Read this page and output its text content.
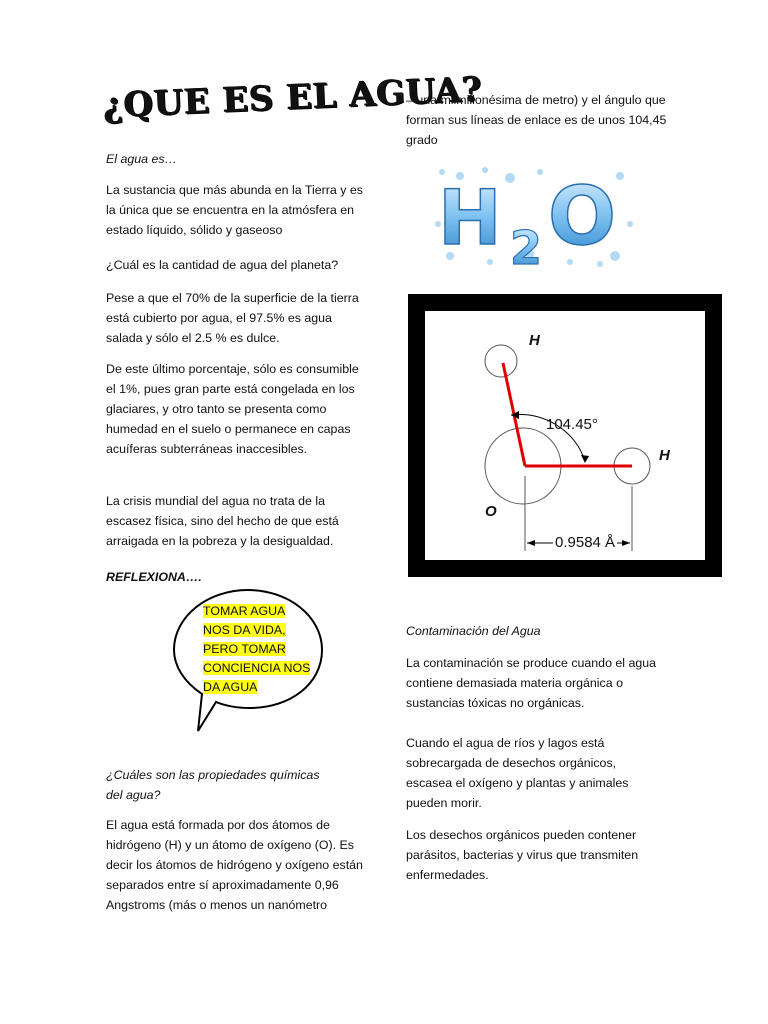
¿QUE ES EL AGUA?

El agua es…

La sustancia que más abunda en la Tierra y es la única que se encuentra en la atmósfera en estado líquido, sólido y gaseoso

¿Cuál es la cantidad de agua del planeta?

Pese a que el 70% de la superficie de la tierra está cubierto por agua, el 97.5% es agua salada y sólo el 2.5 % es dulce.

De este último porcentaje, sólo es consumible el 1%, pues gran parte está congelada en los glaciares, y otro tanto se presenta como humedad en el suelo o permanece en capas acuíferas subterráneas inaccesibles.

La crisis mundial del agua no trata de la escasez física, sino del hecho de que está arraigada en la pobreza y la desigualdad.

REFLEXIONA….

TOMAR AGUA
NOS DA VIDA,
PERO TOMAR
CONCIENCIA NOS
DA AGUA

¿Cuáles son las propiedades químicas
del agua?

El agua está formada por dos átomos de hidrógeno (H) y un átomo de oxígeno (O). Es decir los átomos de hidrógeno y oxígeno están separados entre sí aproximadamente 0,96 Angstroms (más o menos un nanómetro

– una milmillonésima de metro) y el ángulo que forman sus líneas de enlace es de unos 104,45 grado

H 2 O
H
H
O
104.45°
0.9584 Å

Contaminación del Agua

La contaminación se produce cuando el agua contiene demasiada materia orgánica o sustancias tóxicas no orgánicas.

Cuando el agua de ríos y lagos está sobrecargada de desechos orgánicos, escasea el oxígeno y plantas y animales pueden morir.

Los desechos orgánicos pueden contener parásitos, bacterias y virus que transmiten enfermedades.
